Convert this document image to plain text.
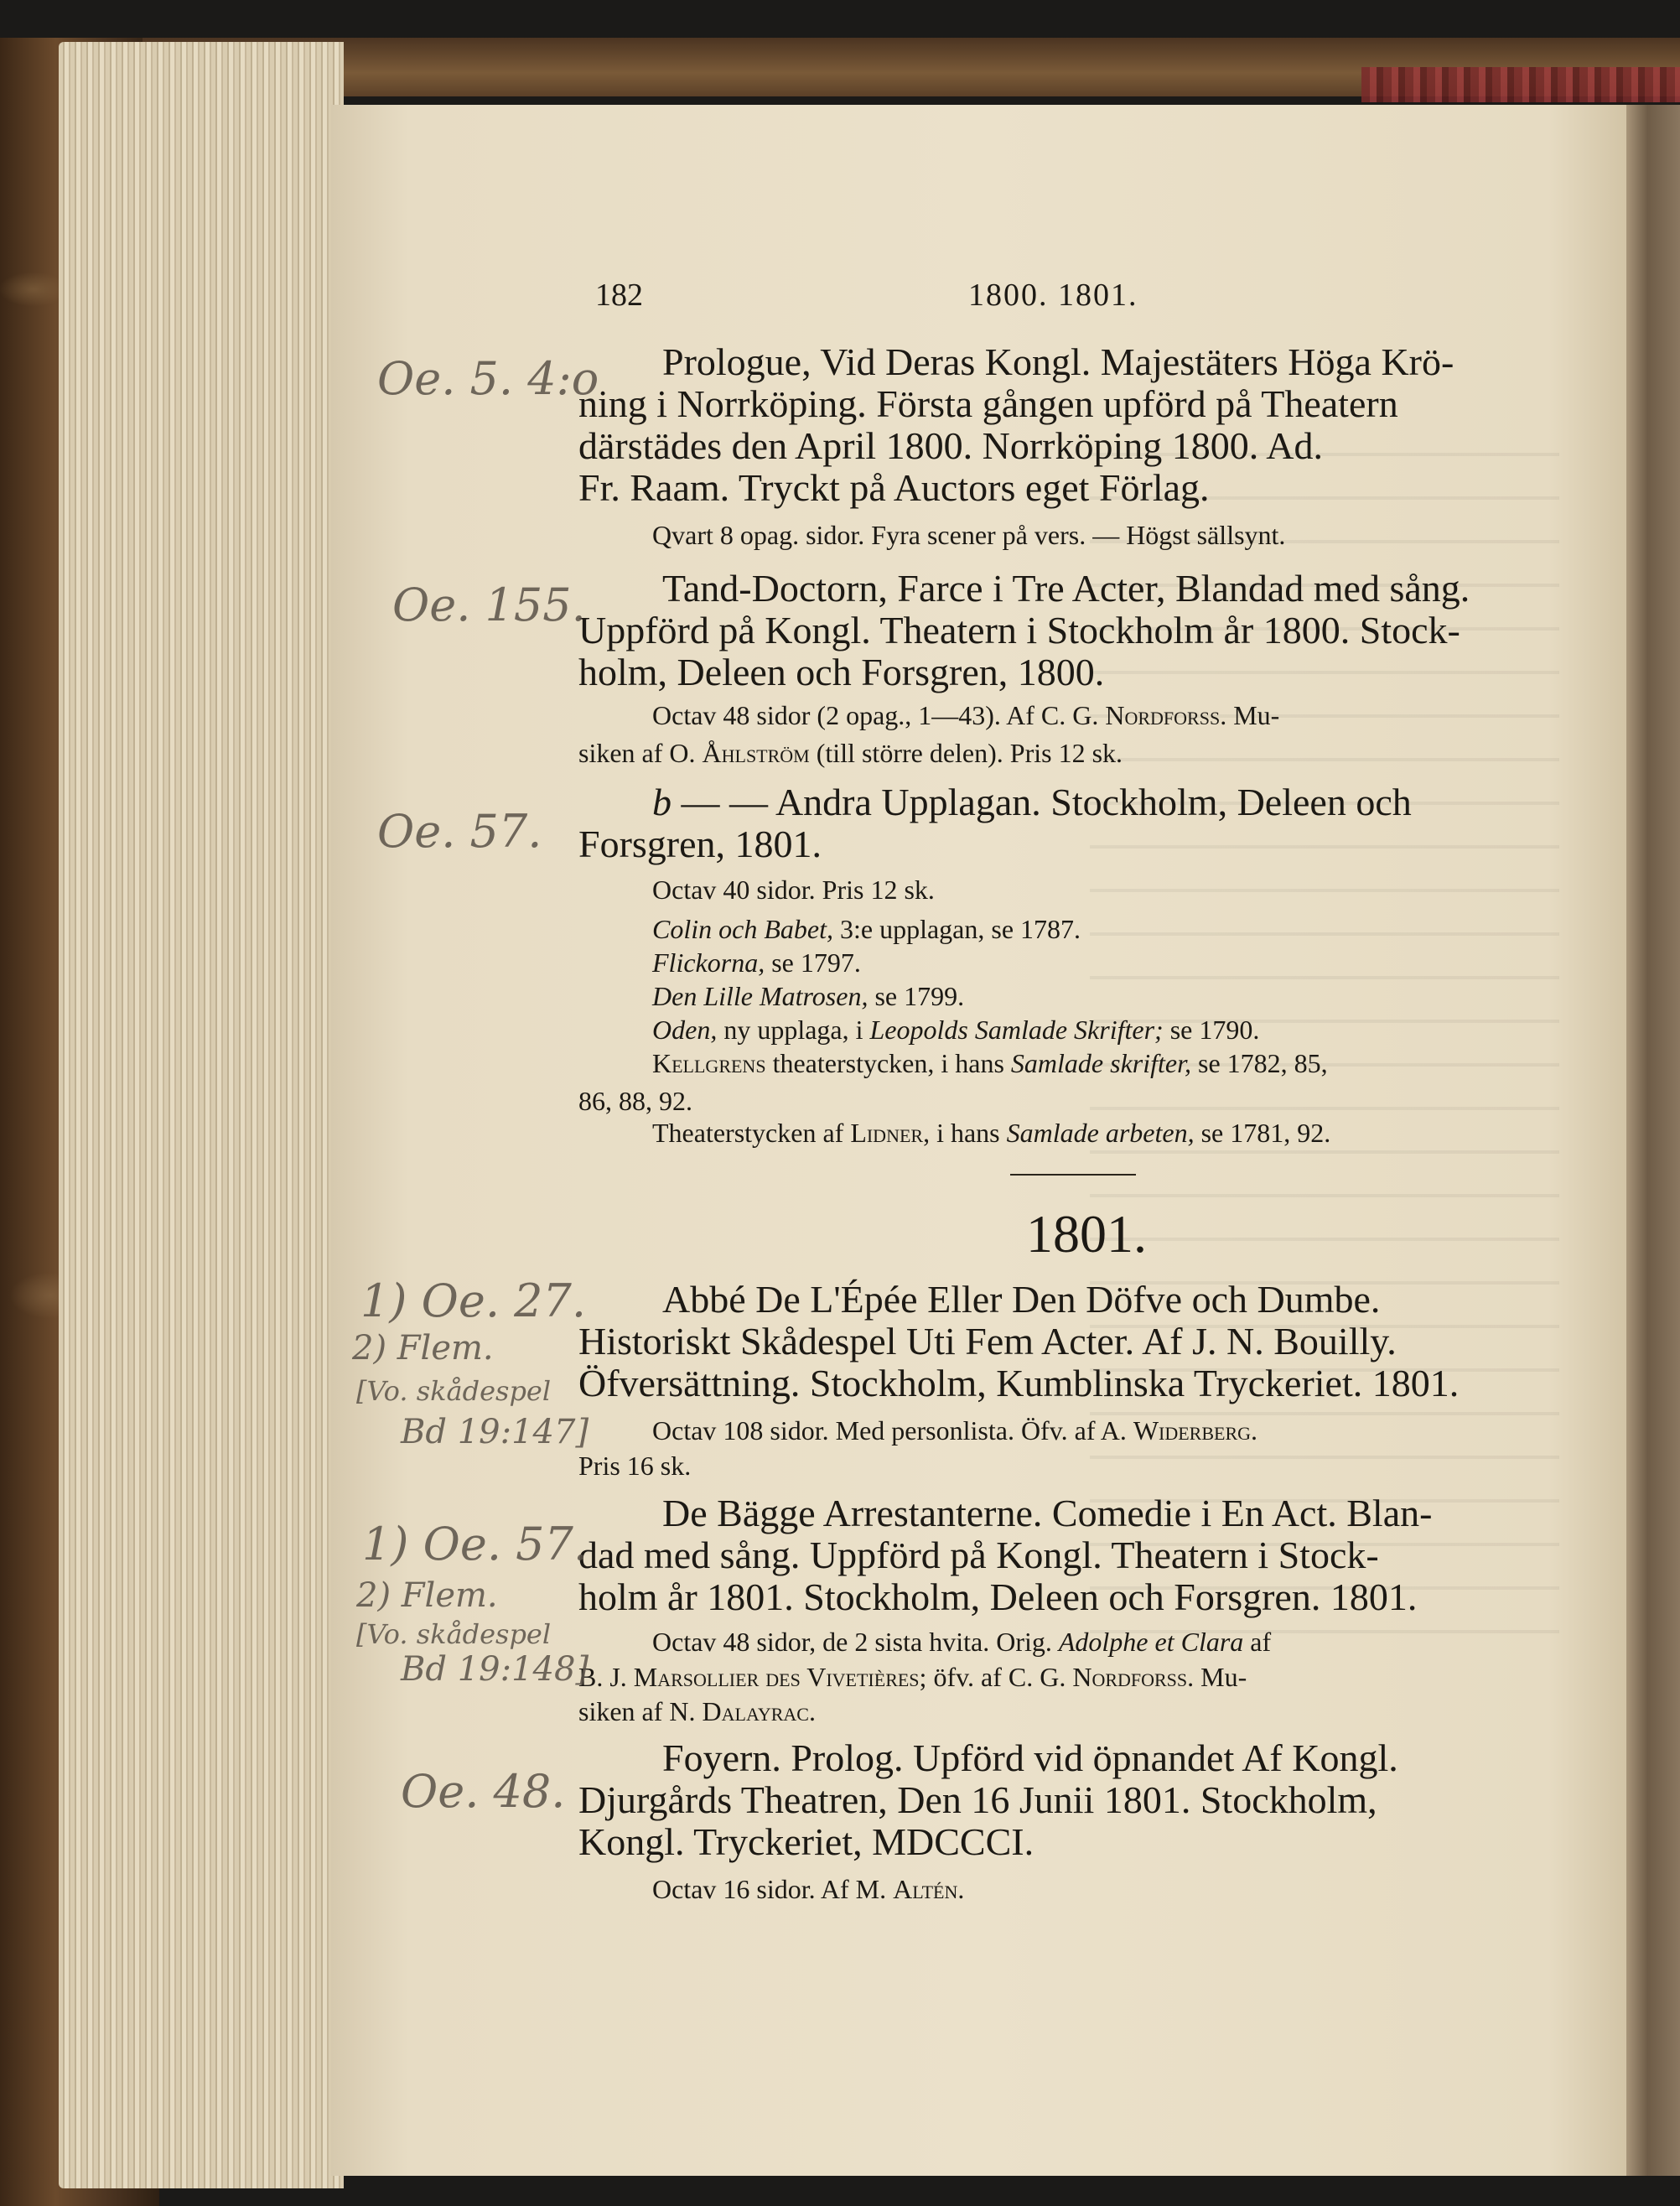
182	1800. 1801.
Prologue, Vid Deras Kongl. Majestäters Höga Krö-
ning i Norrköping. Första gången upförd på Theatern
därstädes den April 1800. Norrköping 1800. Ad.
Fr. Raam. Tryckt på Auctors eget Förlag.
Qvart 8 opag. sidor. Fyra scener på vers. — Högst sällsynt.
Tand-Doctorn, Farce i Tre Acter, Blandad med sång.
Uppförd på Kongl. Theatern i Stockholm år 1800. Stock-
holm, Deleen och Forsgren, 1800.
Octav 48 sidor (2 opag., 1—43). Af C. G. Nordforss. Mu-
siken af O. Åhlström (till större delen). Pris 12 sk.
b — — Andra Upplagan. Stockholm, Deleen och
Forsgren, 1801.
Octav 40 sidor. Pris 12 sk.
Colin och Babet, 3:e upplagan, se 1787.
Flickorna, se 1797.
Den Lille Matrosen, se 1799.
Oden, ny upplaga, i Leopolds Samlade Skrifter; se 1790.
Kellgrens theaterstycken, i hans Samlade skrifter, se 1782, 85,
86, 88, 92.
Theaterstycken af Lidner, i hans Samlade arbeten, se 1781, 92.
1801.
Abbé De L'Épée Eller Den Döfve och Dumbe.
Historiskt Skådespel Uti Fem Acter. Af J. N. Bouilly.
Öfversättning. Stockholm, Kumblinska Tryckeriet. 1801.
Octav 108 sidor. Med personlista. Öfv. af A. Widerberg.
Pris 16 sk.
De Bägge Arrestanterne. Comedie i En Act. Blan-
dad med sång. Uppförd på Kongl. Theatern i Stock-
holm år 1801. Stockholm, Deleen och Forsgren. 1801.
Octav 48 sidor, de 2 sista hvita. Orig. Adolphe et Clara af
B. J. Marsollier des Vivetières; öfv. af C. G. Nordforss. Mu-
siken af N. Dalayrac.
Foyern. Prolog. Upförd vid öpnandet Af Kongl.
Djurgårds Theatren, Den 16 Junii 1801. Stockholm,
Kongl. Tryckeriet, MDCCCI.
Octav 16 sidor. Af M. Altén.
Oe. 5. 4:o
Oe. 155.
Oe. 57.
1) Oe. 27.
2) Flem.
[Vo. skådespel
Bd 19:147]
1) Oe. 57.
2) Flem.
[Vo. skådespel
Bd 19:148]
Oe. 48.
